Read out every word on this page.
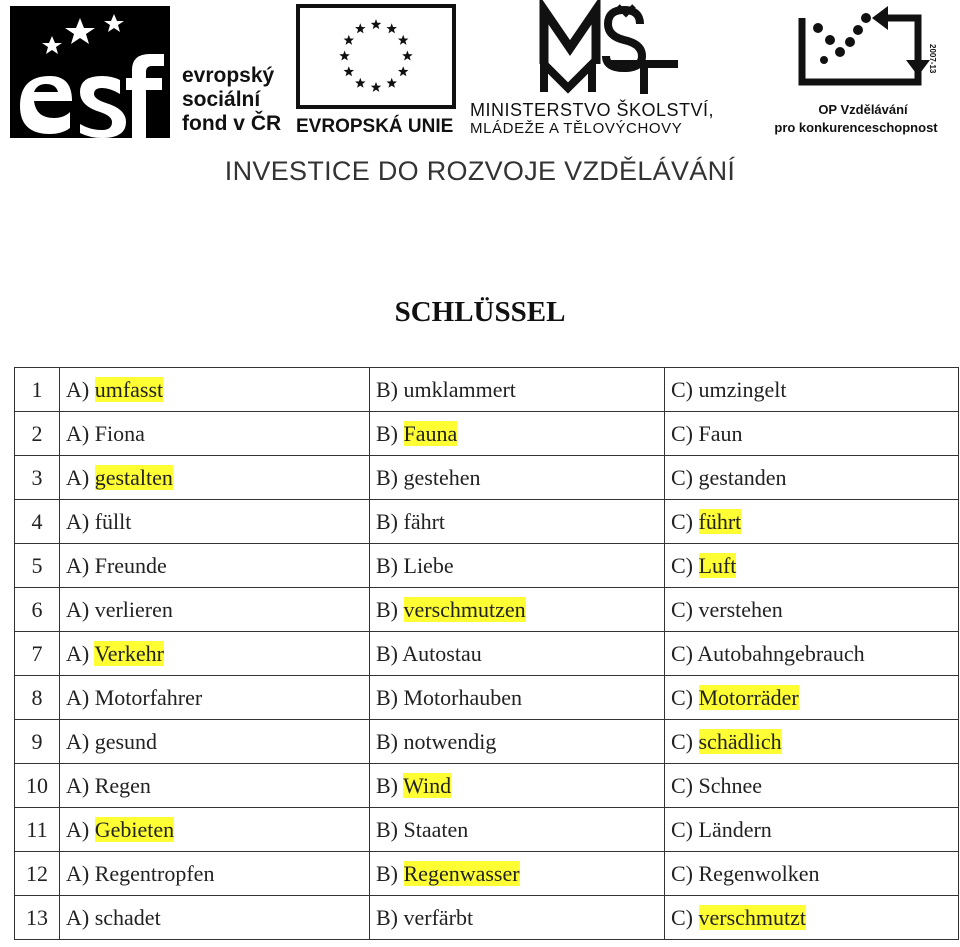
evropský
sociální
fond v ČR EVROPSKÁ UNIE
MINISTERSTVO ŠKOLSTVÍ,
MLÁDEŽE A TĚLOVÝCHOVY
2007-13
OP Vzdělávání
pro konkurenceschopnost
INVESTICE DO ROZVOJE VZDĚLÁVÁNÍ
SCHLÜSSEL
1	A) umfasst	B) umklammert	C) umzingelt
2	A) Fiona	B) Fauna	C) Faun
3	A) gestalten	B) gestehen	C) gestanden
4	A) füllt	B) fährt	C) führt
5	A) Freunde	B) Liebe	C) Luft
6	A) verlieren	B) verschmutzen	C) verstehen
7	A) Verkehr	B) Autostau	C) Autobahngebrauch
8	A) Motorfahrer	B) Motorhauben	C) Motorräder
9	A) gesund	B) notwendig	C) schädlich
10	A) Regen	B) Wind	C) Schnee
11	A) Gebieten	B) Staaten	C) Ländern
12	A) Regentropfen	B) Regenwasser	C) Regenwolken
13	A) schadet	B) verfärbt	C) verschmutzt
